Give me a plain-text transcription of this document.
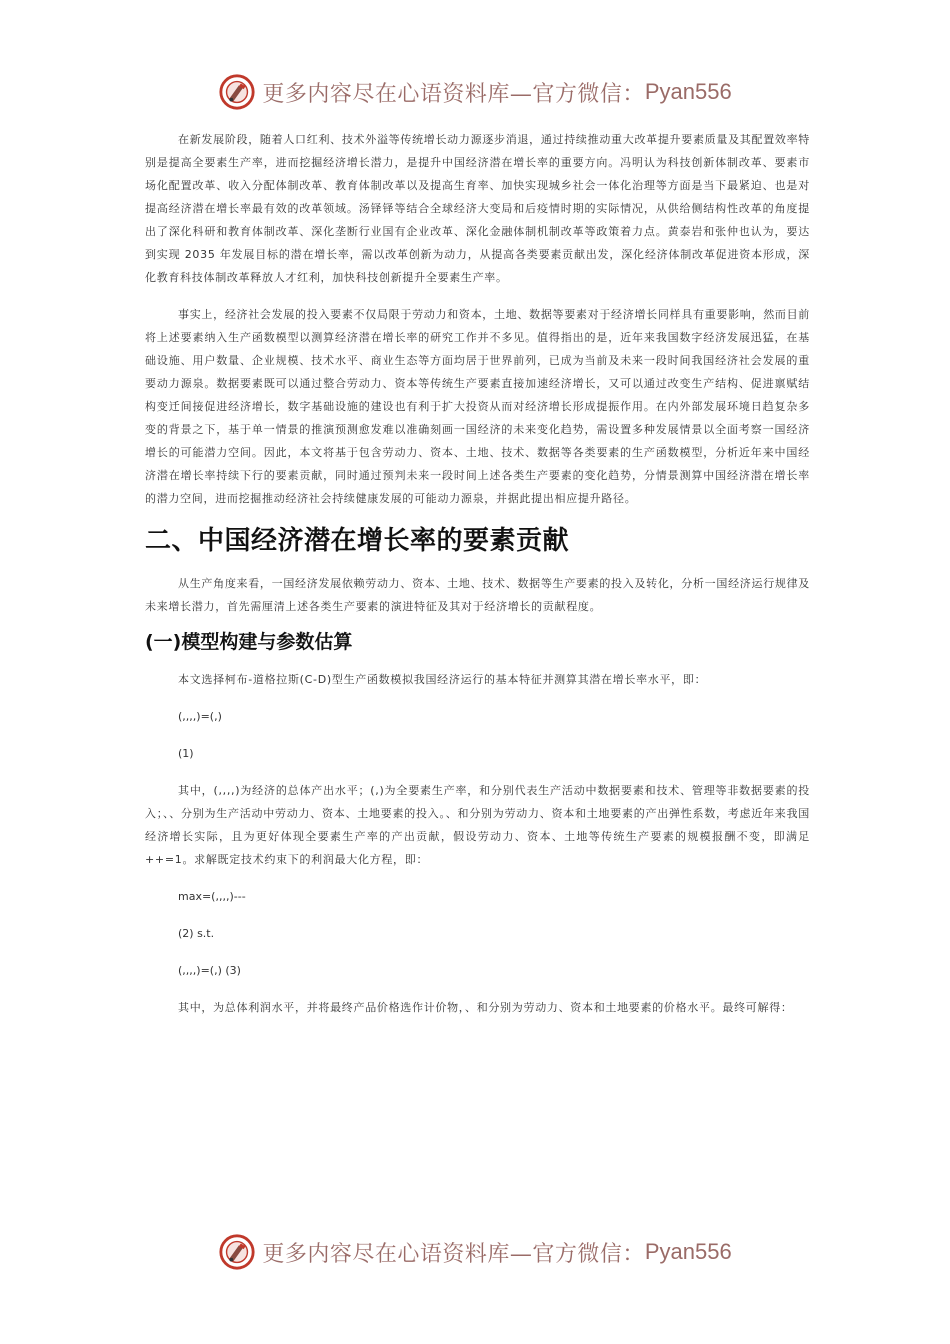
更多内容尽在心语资料库—官方微信： Pyan556

在新发展阶段，随着人口红利、技术外溢等传统增长动力源逐步消退，通过持续推动重大改革提升要素质量及其配置效率特别是提高全要素生产率，进而挖掘经济增长潜力，是提升中国经济潜在增长率的重要方向。冯明认为科技创新体制改革、要素市场化配置改革、收入分配体制改革、教育体制改革以及提高生育率、加快实现城乡社会一体化治理等方面是当下最紧迫、也是对提高经济潜在增长率最有效的改革领域。汤铎铎等结合全球经济大变局和后疫情时期的实际情况，从供给侧结构性改革的角度提出了深化科研和教育体制改革、深化垄断行业国有企业改革、深化金融体制机制改革等政策着力点。黄泰岩和张仲也认为，要达到实现 2035 年发展目标的潜在增长率，需以改革创新为动力，从提高各类要素贡献出发，深化经济体制改革促进资本形成，深化教育科技体制改革释放人才红利，加快科技创新提升全要素生产率。

事实上，经济社会发展的投入要素不仅局限于劳动力和资本，土地、数据等要素对于经济增长同样具有重要影响，然而目前将上述要素纳入生产函数模型以测算经济潜在增长率的研究工作并不多见。值得指出的是，近年来我国数字经济发展迅猛，在基础设施、用户数量、企业规模、技术水平、商业生态等方面均居于世界前列，已成为当前及未来一段时间我国经济社会发展的重要动力源泉。数据要素既可以通过整合劳动力、资本等传统生产要素直接加速经济增长，又可以通过改变生产结构、促进禀赋结构变迁间接促进经济增长，数字基础设施的建设也有利于扩大投资从而对经济增长形成提振作用。在内外部发展环境日趋复杂多变的背景之下，基于单一情景的推演预测愈发难以准确刻画一国经济的未来变化趋势，需设置多种发展情景以全面考察一国经济增长的可能潜力空间。因此，本文将基于包含劳动力、资本、土地、技术、数据等各类要素的生产函数模型，分析近年来中国经济潜在增长率持续下行的要素贡献，同时通过预判未来一段时间上述各类生产要素的变化趋势，分情景测算中国经济潜在增长率的潜力空间，进而挖掘推动经济社会持续健康发展的可能动力源泉，并据此提出相应提升路径。

二、中国经济潜在增长率的要素贡献

从生产角度来看，一国经济发展依赖劳动力、资本、土地、技术、数据等生产要素的投入及转化，分析一国经济运行规律及未来增长潜力，首先需厘清上述各类生产要素的演进特征及其对于经济增长的贡献程度。

(一)模型构建与参数估算

本文选择柯布-道格拉斯(C-D)型生产函数模拟我国经济运行的基本特征并测算其潜在增长率水平，即：

(,,,,)=(,)
(1)

其中，(,,,,)为经济的总体产出水平；(,)为全要素生产率，和分别代表生产活动中数据要素和技术、管理等非数据要素的投入；、、分别为生产活动中劳动力、资本、土地要素的投入。、和分别为劳动力、资本和土地要素的产出弹性系数，考虑近年来我国经济增长实际，且为更好体现全要素生产率的产出贡献，假设劳动力、资本、土地等传统生产要素的规模报酬不变，即满足++=1。求解既定技术约束下的利润最大化方程，即：

max=(,,,,)---
(2) s.t.
(,,,,)=(,) (3)

其中，为总体利润水平，并将最终产品价格选作计价物，、和分别为劳动力、资本和土地要素的价格水平。最终可解得：

更多内容尽在心语资料库—官方微信： Pyan556
